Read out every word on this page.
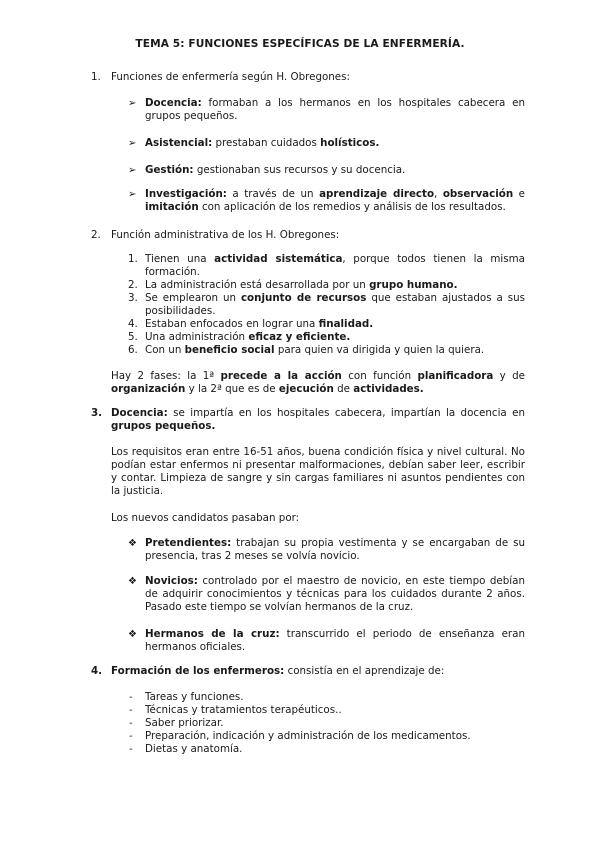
TEMA 5: FUNCIONES ESPECÍFICAS DE LA ENFERMERÍA.
1. Funciones de enfermería según H. Obregones:
➢ Docencia: formaban a los hermanos en los hospitales cabecera en grupos pequeños.
➢ Asistencial: prestaban cuidados holísticos.
➢ Gestión: gestionaban sus recursos y su docencia.
➢ Investigación: a través de un aprendizaje directo, observación e imitación con aplicación de los remedios y análisis de los resultados.
2. Función administrativa de los H. Obregones:
1. Tienen una actividad sistemática, porque todos tienen la misma formación.
2. La administración está desarrollada por un grupo humano.
3. Se emplearon un conjunto de recursos que estaban ajustados a sus posibilidades.
4. Estaban enfocados en lograr una finalidad.
5. Una administración eficaz y eficiente.
6. Con un beneficio social para quien va dirigida y quien la quiera.
Hay 2 fases: la 1ª precede a la acción con función planificadora y de organización y la 2ª que es de ejecución de actividades.
3. Docencia: se impartía en los hospitales cabecera, impartían la docencia en grupos pequeños.
Los requisitos eran entre 16-51 años, buena condición física y nivel cultural. No podían estar enfermos ni presentar malformaciones, debían saber leer, escribir y contar. Limpieza de sangre y sin cargas familiares ni asuntos pendientes con la justicia.
Los nuevos candidatos pasaban por:
❖ Pretendientes: trabajan su propia vestimenta y se encargaban de su presencia, tras 2 meses se volvía novicio.
❖ Novicios: controlado por el maestro de novicio, en este tiempo debían de adquirir conocimientos y técnicas para los cuidados durante 2 años. Pasado este tiempo se volvían hermanos de la cruz.
❖ Hermanos de la cruz: transcurrido el periodo de enseñanza eran hermanos oficiales.
4. Formación de los enfermeros: consistía en el aprendizaje de:
- Tareas y funciones.
- Técnicas y tratamientos terapéuticos..
- Saber priorizar.
- Preparación, indicación y administración de los medicamentos.
- Dietas y anatomía.
